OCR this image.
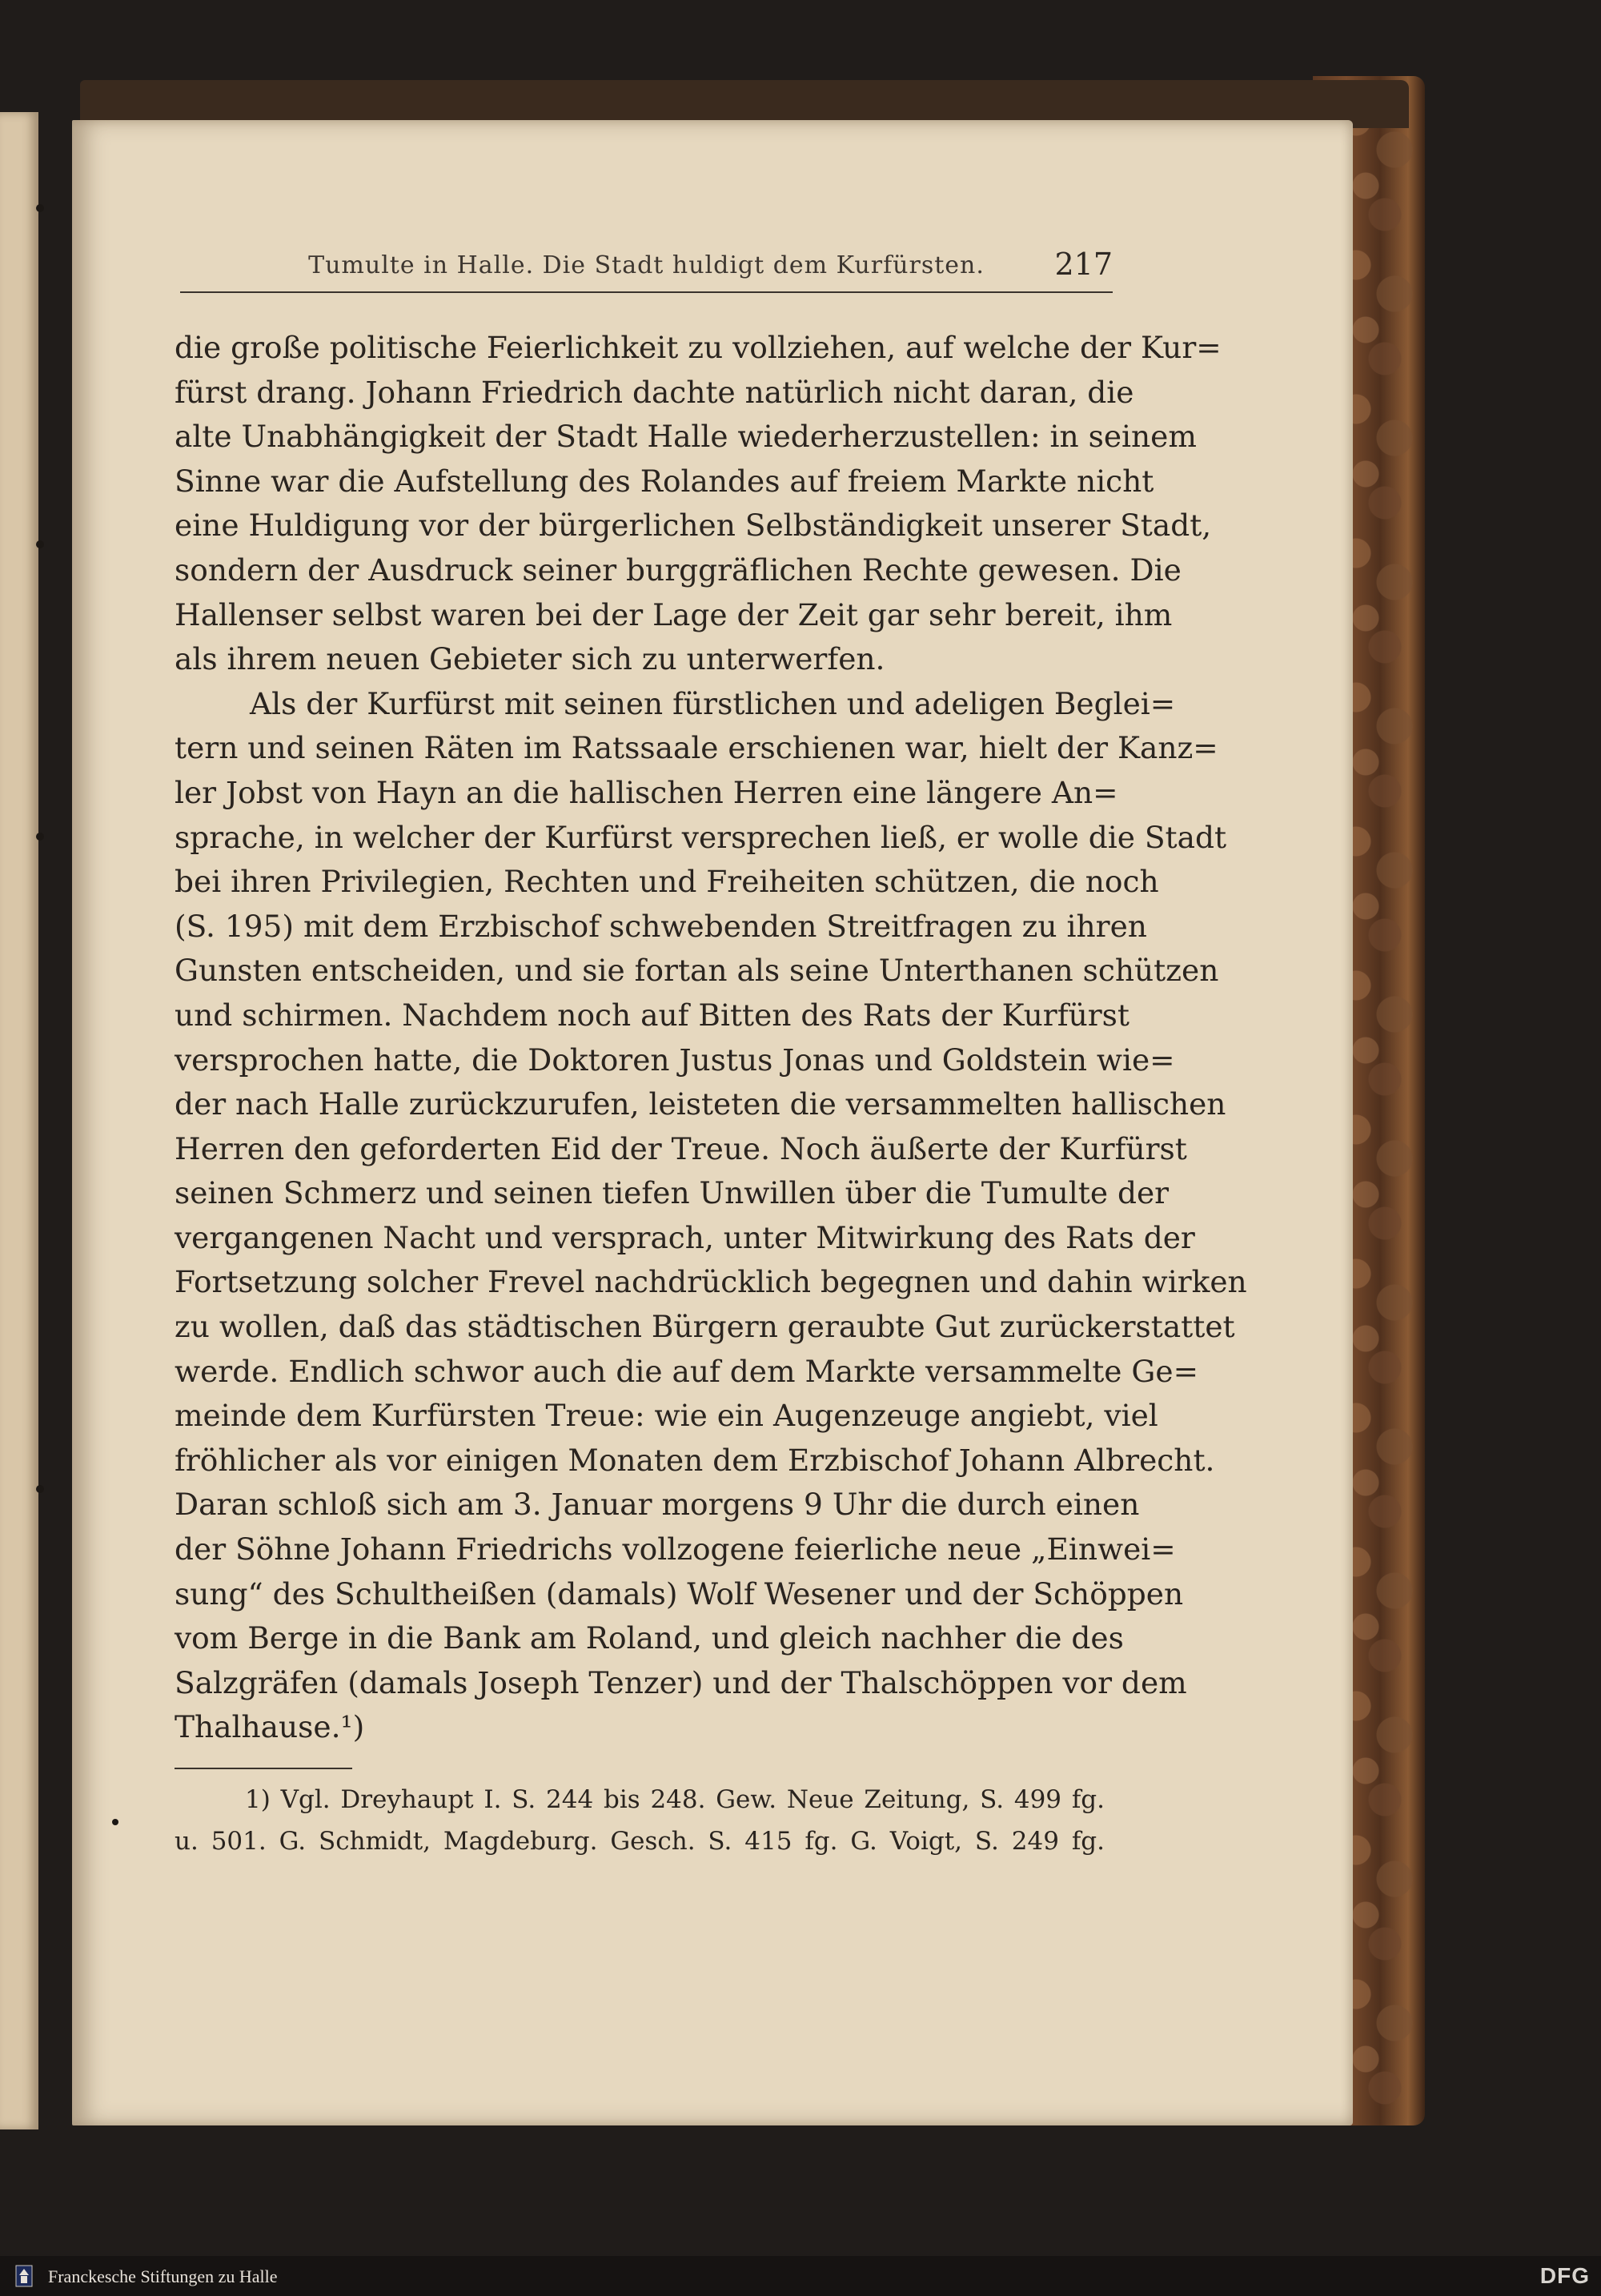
Tumulte in Halle. Die Stadt huldigt dem Kurfürsten.	217
die große politische Feierlichkeit zu vollziehen, auf welche der Kur=
fürst drang. Johann Friedrich dachte natürlich nicht daran, die
alte Unabhängigkeit der Stadt Halle wiederherzustellen: in seinem
Sinne war die Aufstellung des Rolandes auf freiem Markte nicht
eine Huldigung vor der bürgerlichen Selbständigkeit unserer Stadt,
sondern der Ausdruck seiner burggräflichen Rechte gewesen. Die
Hallenser selbst waren bei der Lage der Zeit gar sehr bereit, ihm
als ihrem neuen Gebieter sich zu unterwerfen.
Als der Kurfürst mit seinen fürstlichen und adeligen Beglei=
tern und seinen Räten im Ratssaale erschienen war, hielt der Kanz=
ler Jobst von Hayn an die hallischen Herren eine längere An=
sprache, in welcher der Kurfürst versprechen ließ, er wolle die Stadt
bei ihren Privilegien, Rechten und Freiheiten schützen, die noch
(S. 195) mit dem Erzbischof schwebenden Streitfragen zu ihren
Gunsten entscheiden, und sie fortan als seine Unterthanen schützen
und schirmen. Nachdem noch auf Bitten des Rats der Kurfürst
versprochen hatte, die Doktoren Justus Jonas und Goldstein wie=
der nach Halle zurückzurufen, leisteten die versammelten hallischen
Herren den geforderten Eid der Treue. Noch äußerte der Kurfürst
seinen Schmerz und seinen tiefen Unwillen über die Tumulte der
vergangenen Nacht und versprach, unter Mitwirkung des Rats der
Fortsetzung solcher Frevel nachdrücklich begegnen und dahin wirken
zu wollen, daß das städtischen Bürgern geraubte Gut zurückerstattet
werde. Endlich schwor auch die auf dem Markte versammelte Ge=
meinde dem Kurfürsten Treue: wie ein Augenzeuge angiebt, viel
fröhlicher als vor einigen Monaten dem Erzbischof Johann Albrecht.
Daran schloß sich am 3. Januar morgens 9 Uhr die durch einen
der Söhne Johann Friedrichs vollzogene feierliche neue „Einwei=
sung“ des Schultheißen (damals) Wolf Wesener und der Schöppen
vom Berge in die Bank am Roland, und gleich nachher die des
Salzgräfen (damals Joseph Tenzer) und der Thalschöppen vor dem
Thalhause.¹)
1) Vgl. Dreyhaupt I. S. 244 bis 248. Gew. Neue Zeitung, S. 499 fg.
u. 501. G. Schmidt, Magdeburg. Gesch. S. 415 fg. G. Voigt, S. 249 fg.
Franckesche Stiftungen zu Halle	DFG
